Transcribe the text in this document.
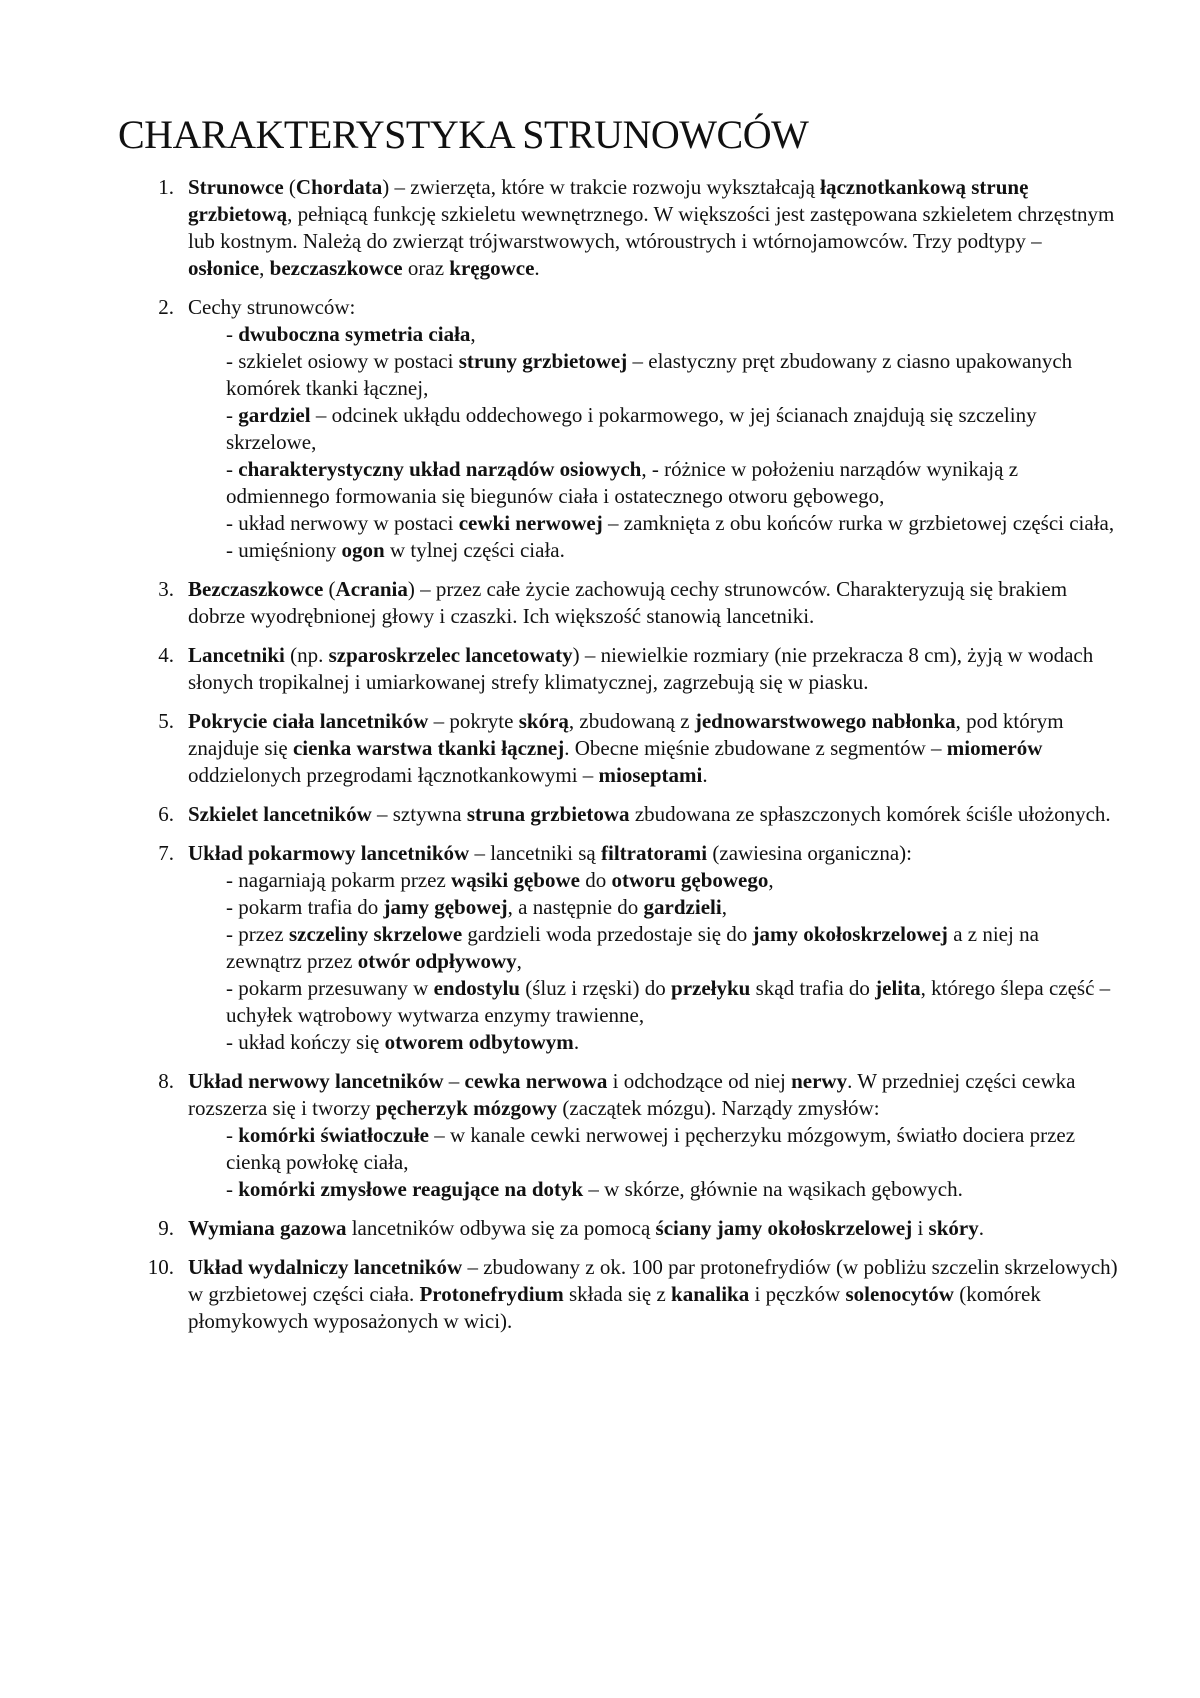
CHARAKTERYSTYKA STRUNOWCÓW
1. Strunowce (Chordata) – zwierzęta, które w trakcie rozwoju wykształcają łącznotkankową strunę grzbietową, pełniącą funkcję szkieletu wewnętrznego. W większości jest zastępowana szkieletem chrzęstnym lub kostnym. Należą do zwierząt trójwarstwowych, wtóroustrych i wtórnojamowców. Trzy podtypy – osłonice, bezczaszkowce oraz kręgowce.
2. Cechy strunowców:
- dwuboczna symetria ciała,
- szkielet osiowy w postaci struny grzbietowej – elastyczny pręt zbudowany z ciasno upakowanych komórek tkanki łącznej,
- gardziel – odcinek ukłądu oddechowego i pokarmowego, w jej ścianach znajdują się szczeliny skrzelowe,
- charakterystyczny układ narządów osiowych, - różnice w położeniu narządów wynikają z odmiennego formowania się biegunów ciała i ostatecznego otworu gębowego,
- układ nerwowy w postaci cewki nerwowej – zamknięta z obu końców rurka w grzbietowej części ciała,
- umięśniony ogon w tylnej części ciała.
3. Bezczaszkowce (Acrania) – przez całe życie zachowują cechy strunowców. Charakteryzują się brakiem dobrze wyodrębnionej głowy i czaszki. Ich większość stanowią lancetniki.
4. Lancetniki (np. szparoskrzelec lancetowaty) – niewielkie rozmiary (nie przekracza 8 cm), żyją w wodach słonych tropikalnej i umiarkowanej strefy klimatycznej, zagrzebują się w piasku.
5. Pokrycie ciała lancetników – pokryte skórą, zbudowaną z jednowarstwowego nabłonka, pod którym znajduje się cienka warstwa tkanki łącznej. Obecne mięśnie zbudowane z segmentów – miomerów oddzielonych przegrodami łącznotkankowymi – mioseptami.
6. Szkielet lancetników – sztywna struna grzbietowa zbudowana ze spłaszczonych komórek ściśle ułożonych.
7. Układ pokarmowy lancetników – lancetniki są filtratorami (zawiesina organiczna):
- nagarniają pokarm przez wąsiki gębowe do otworu gębowego,
- pokarm trafia do jamy gębowej, a następnie do gardzieli,
- przez szczeliny skrzelowe gardzieli woda przedostaje się do jamy okołoskrzelowej a z niej na zewnątrz przez otwór odpływowy,
- pokarm przesuwany w endostylu (śluz i rzęski) do przełyku skąd trafia do jelita, którego ślepa część – uchyłek wątrobowy wytwarza enzymy trawienne,
- układ kończy się otworem odbytowym.
8. Układ nerwowy lancetników – cewka nerwowa i odchodzące od niej nerwy. W przedniej części cewka rozszerza się i tworzy pęcherzyk mózgowy (zaczątek mózgu). Narządy zmysłów:
- komórki światłoczułe – w kanale cewki nerwowej i pęcherzyku mózgowym, światło dociera przez cienką powłokę ciała,
- komórki zmysłowe reagujące na dotyk – w skórze, głównie na wąsikach gębowych.
9. Wymiana gazowa lancetników odbywa się za pomocą ściany jamy okołoskrzelowej i skóry.
10. Układ wydalniczy lancetników – zbudowany z ok. 100 par protonefrydiów (w pobliżu szczelin skrzelowych) w grzbietowej części ciała. Protonefrydium składa się z kanalika i pęczków solenocytów (komórek płomykowych wyposażonych w wici).
